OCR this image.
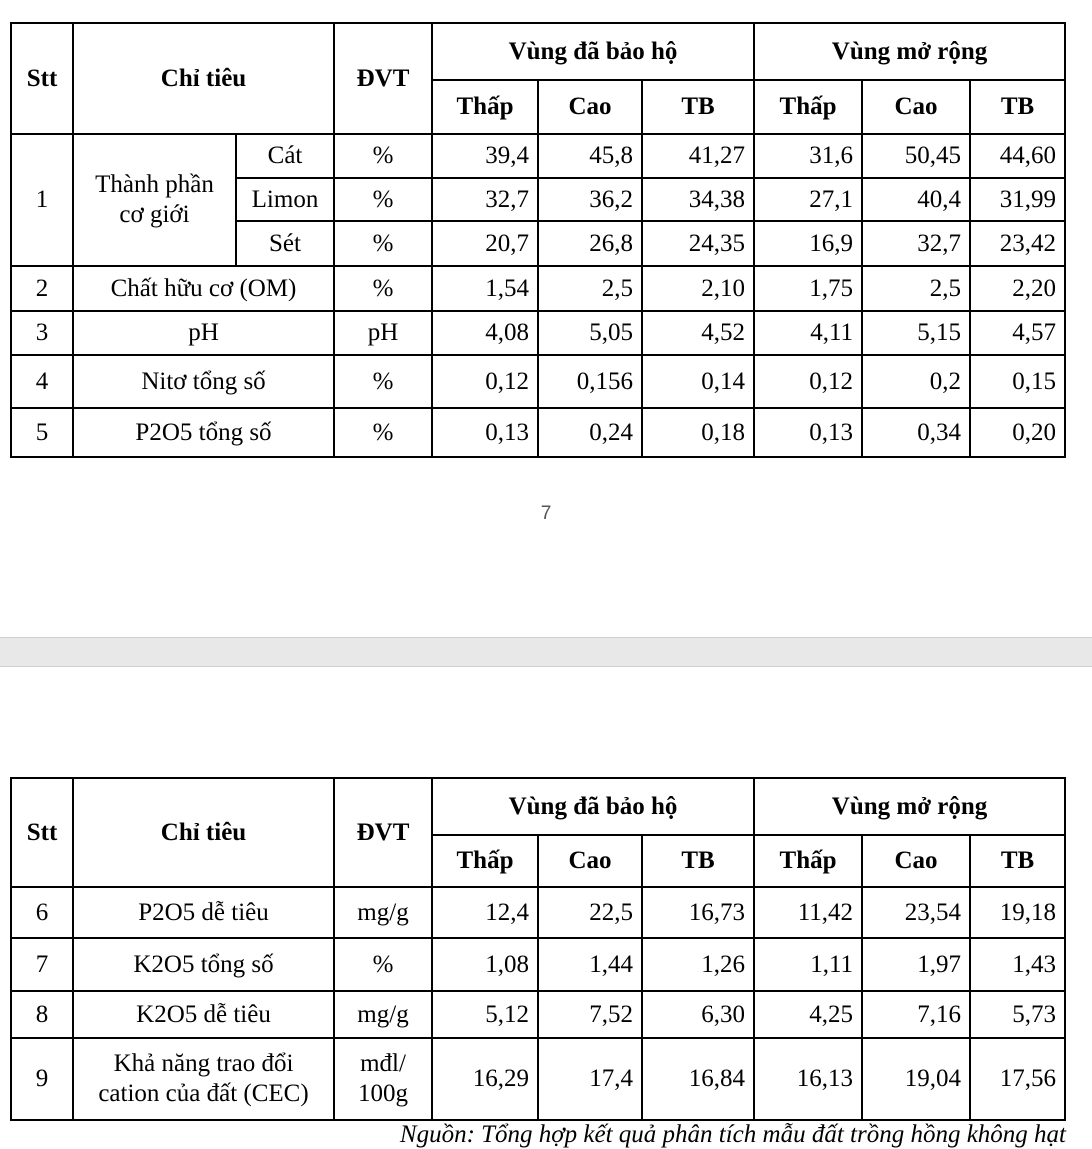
Stt	Chỉ tiêu		ĐVT	Vùng đã bảo hộ			Vùng mở rộng		
				Thấp	Cao	TB	Thấp	Cao	TB
1	Thành phần cơ giới	Cát	%	39,4	45,8	41,27	31,6	50,45	44,60
		Limon	%	32,7	36,2	34,38	27,1	40,4	31,99
		Sét	%	20,7	26,8	24,35	16,9	32,7	23,42
2	Chất hữu cơ (OM)		%	1,54	2,5	2,10	1,75	2,5	2,20
3	pH		pH	4,08	5,05	4,52	4,11	5,15	4,57
4	Nitơ tổng số		%	0,12	0,156	0,14	0,12	0,2	0,15
5	P2O5 tổng số		%	0,13	0,24	0,18	0,13	0,34	0,20
7
Stt	Chỉ tiêu	ĐVT	Vùng đã bảo hộ			Vùng mở rộng		
			Thấp	Cao	TB	Thấp	Cao	TB
6	P2O5 dễ tiêu	mg/g	12,4	22,5	16,73	11,42	23,54	19,18
7	K2O5 tổng số	%	1,08	1,44	1,26	1,11	1,97	1,43
8	K2O5 dễ tiêu	mg/g	5,12	7,52	6,30	4,25	7,16	5,73
9	Khả năng trao đổi cation của đất (CEC)	mđl/ 100g	16,29	17,4	16,84	16,13	19,04	17,56
Nguồn: Tổng hợp kết quả phân tích mẫu đất trồng hồng không hạt
